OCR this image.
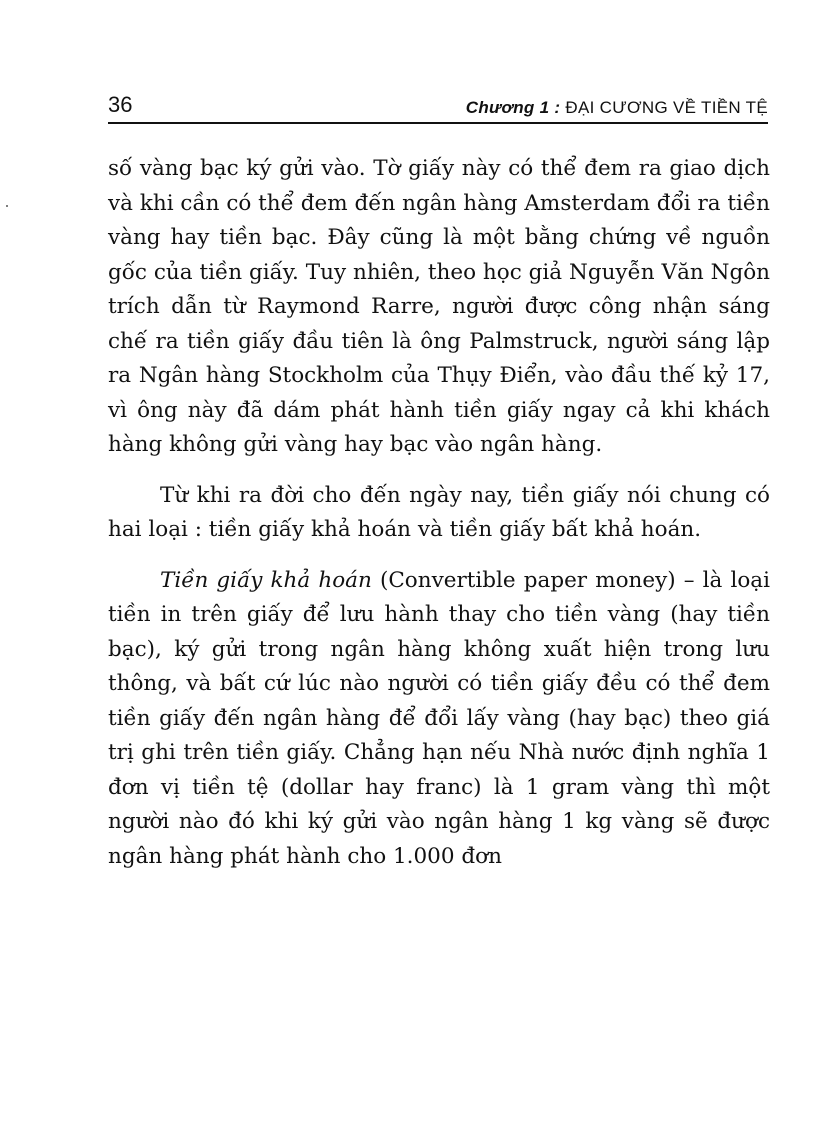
36	Chương 1 : ĐẠI CƯƠNG VỀ TIỀN TỆ

số vàng bạc ký gửi vào. Tờ giấy này có thể đem ra giao dịch và khi cần có thể đem đến ngân hàng Amsterdam đổi ra tiền vàng hay tiền bạc. Đây cũng là một bằng chứng về nguồn gốc của tiền giấy. Tuy nhiên, theo học giả Nguyễn Văn Ngôn trích dẫn từ Raymond Rarre, người được công nhận sáng chế ra tiền giấy đầu tiên là ông Palmstruck, người sáng lập ra Ngân hàng Stockholm của Thụy Điển, vào đầu thế kỷ 17, vì ông này đã dám phát hành tiền giấy ngay cả khi khách hàng không gửi vàng hay bạc vào ngân hàng.

Từ khi ra đời cho đến ngày nay, tiền giấy nói chung có hai loại : tiền giấy khả hoán và tiền giấy bất khả hoán.

Tiền giấy khả hoán (Convertible paper money) – là loại tiền in trên giấy để lưu hành thay cho tiền vàng (hay tiền bạc), ký gửi trong ngân hàng không xuất hiện trong lưu thông, và bất cứ lúc nào người có tiền giấy đều có thể đem tiền giấy đến ngân hàng để đổi lấy vàng (hay bạc) theo giá trị ghi trên tiền giấy. Chẳng hạn nếu Nhà nước định nghĩa 1 đơn vị tiền tệ (dollar hay franc) là 1 gram vàng thì một người nào đó khi ký gửi vào ngân hàng 1 kg vàng sẽ được ngân hàng phát hành cho 1.000 đơn
